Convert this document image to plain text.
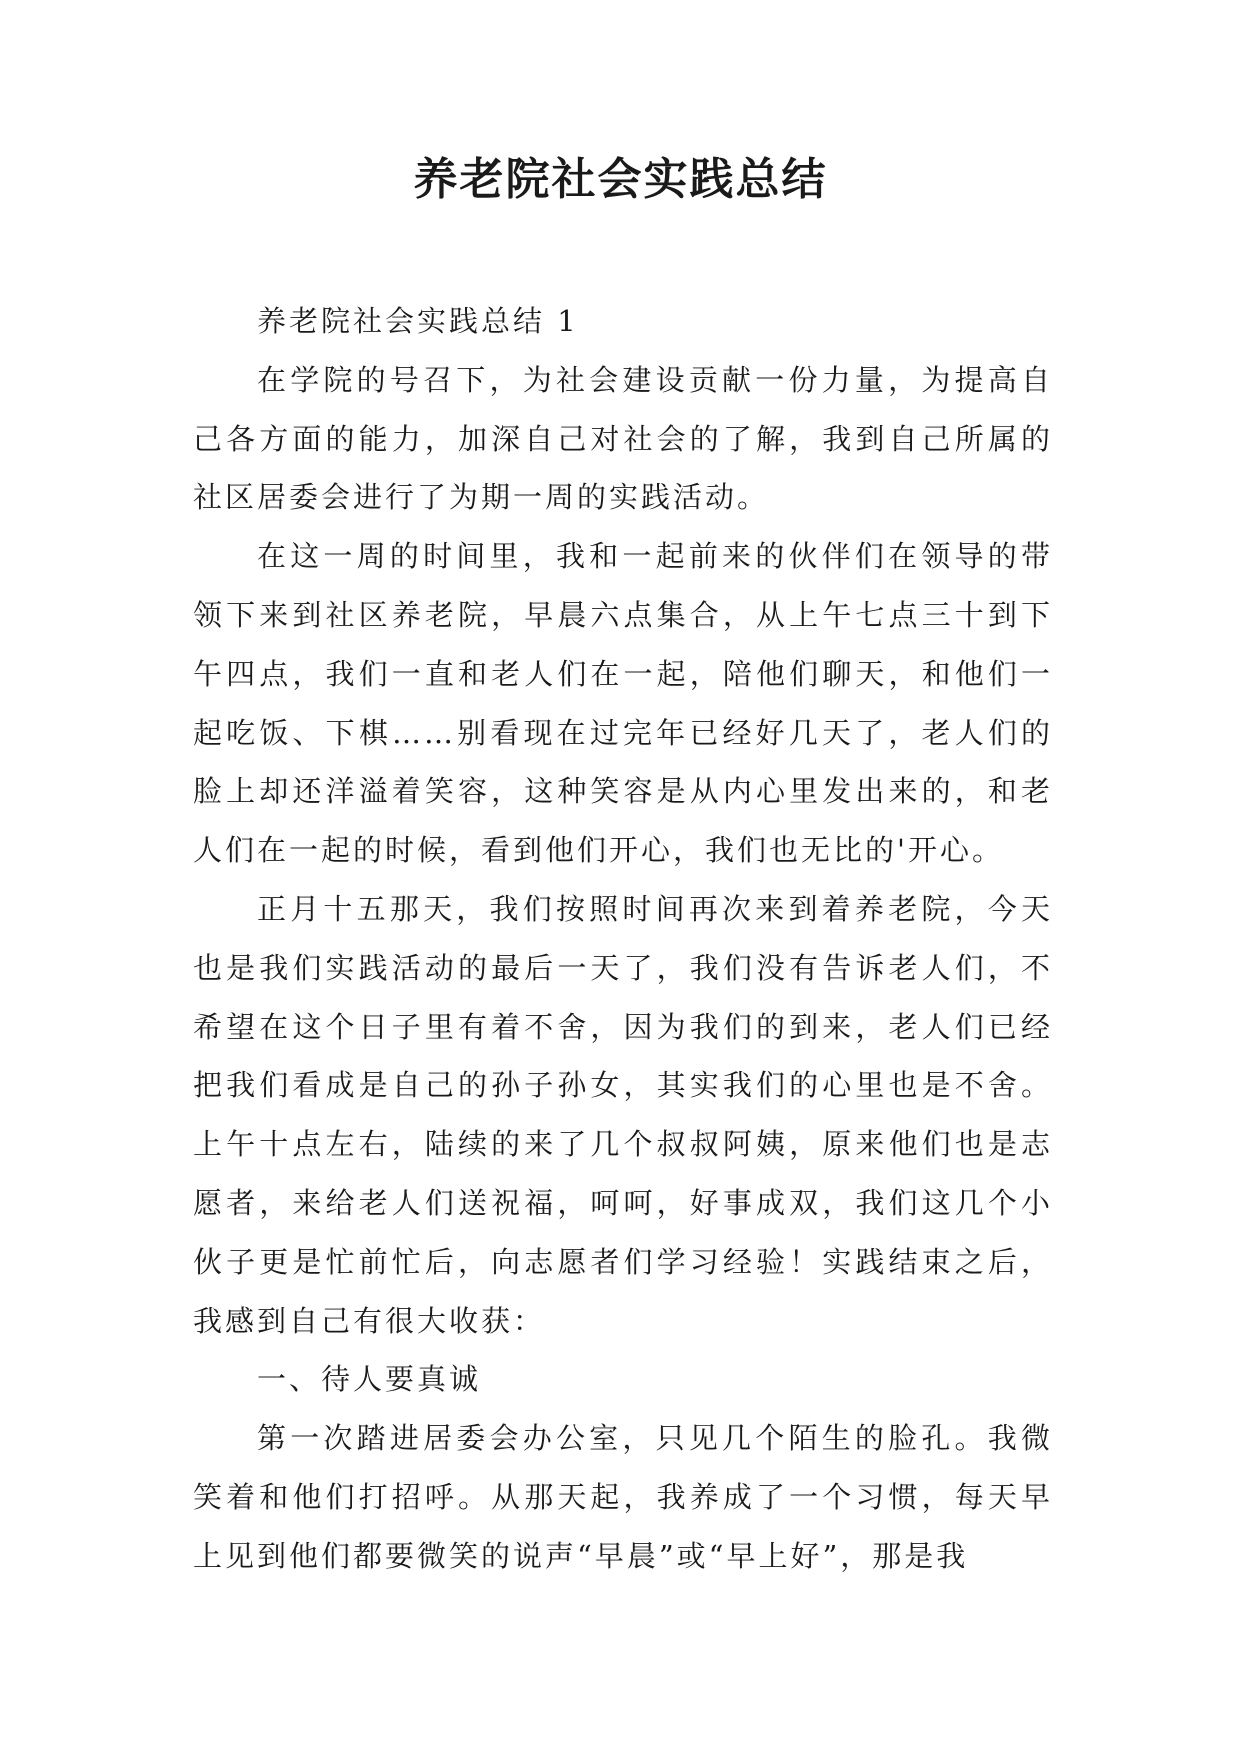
养老院社会实践总结

养老院社会实践总结 1

在学院的号召下，为社会建设贡献一份力量，为提高自己各方面的能力，加深自己对社会的了解，我到自己所属的社区居委会进行了为期一周的实践活动。

在这一周的时间里，我和一起前来的伙伴们在领导的带领下来到社区养老院，早晨六点集合，从上午七点三十到下午四点，我们一直和老人们在一起，陪他们聊天，和他们一起吃饭、下棋……别看现在过完年已经好几天了，老人们的脸上却还洋溢着笑容，这种笑容是从内心里发出来的，和老人们在一起的时候，看到他们开心，我们也无比的'开心。

正月十五那天，我们按照时间再次来到着养老院，今天也是我们实践活动的最后一天了，我们没有告诉老人们，不希望在这个日子里有着不舍，因为我们的到来，老人们已经把我们看成是自己的孙子孙女，其实我们的心里也是不舍。上午十点左右，陆续的来了几个叔叔阿姨，原来他们也是志愿者，来给老人们送祝福，呵呵，好事成双，我们这几个小伙子更是忙前忙后，向志愿者们学习经验！实践结束之后，我感到自己有很大收获：

一、待人要真诚

第一次踏进居委会办公室，只见几个陌生的脸孔。我微笑着和他们打招呼。从那天起，我养成了一个习惯，每天早上见到他们都要微笑的说声“早晨”或“早上好”，那是我
